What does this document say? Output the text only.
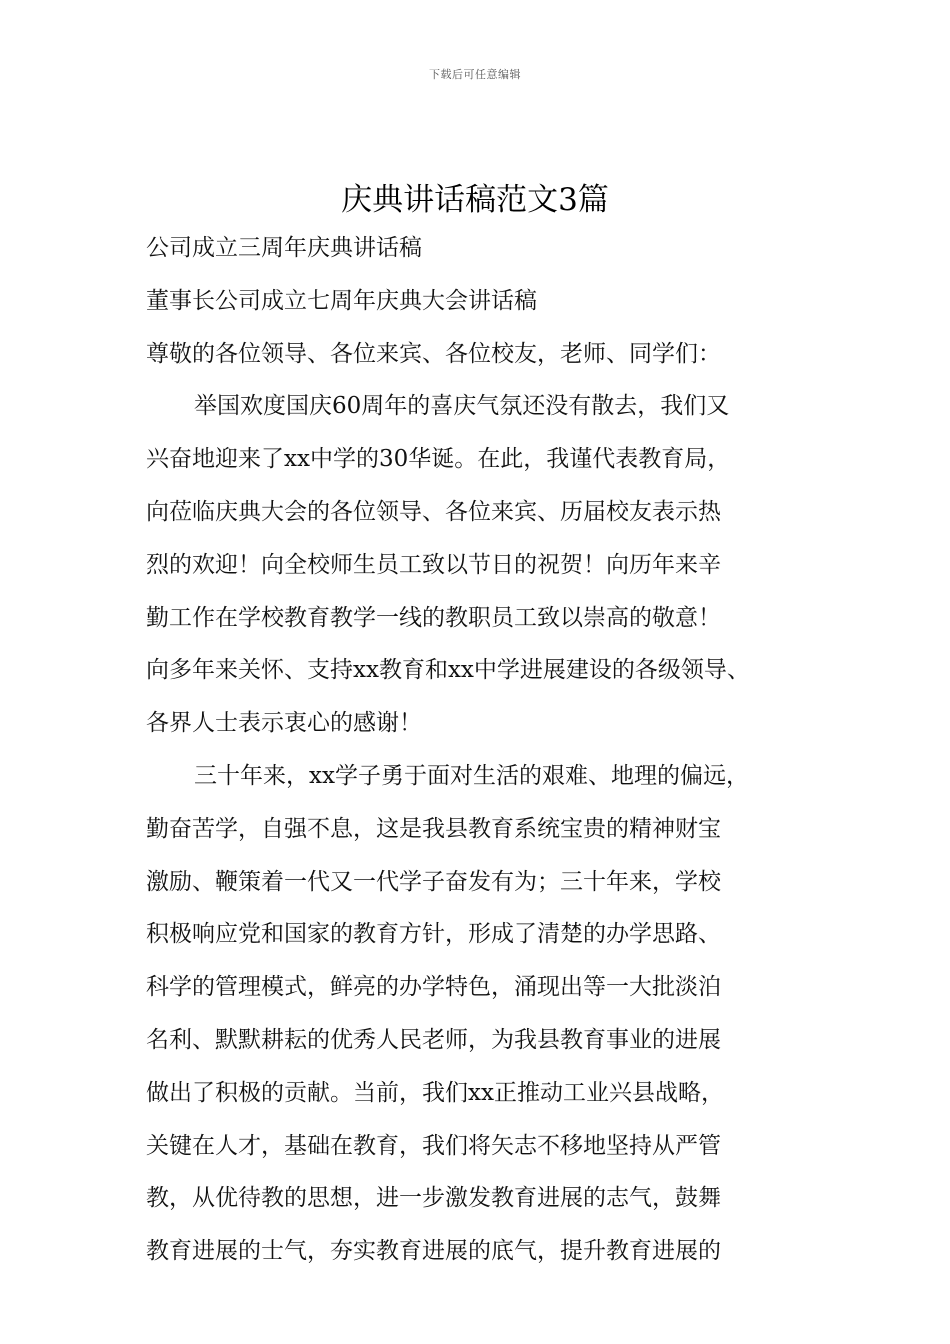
下载后可任意编辑
庆典讲话稿范文3篇
公司成立三周年庆典讲话稿
董事长公司成立七周年庆典大会讲话稿
尊敬的各位领导、各位来宾、各位校友，老师、同学们：
举国欢度国庆60周年的喜庆气氛还没有散去，我们又
兴奋地迎来了xx中学的30华诞。在此，我谨代表教育局，
向莅临庆典大会的各位领导、各位来宾、历届校友表示热
烈的欢迎！向全校师生员工致以节日的祝贺！向历年来辛
勤工作在学校教育教学一线的教职员工致以崇高的敬意！
向多年来关怀、支持xx教育和xx中学进展建设的各级领导、
各界人士表示衷心的感谢！
三十年来，xx学子勇于面对生活的艰难、地理的偏远，
勤奋苦学，自强不息，这是我县教育系统宝贵的精神财宝
激励、鞭策着一代又一代学子奋发有为；三十年来，学校
积极响应党和国家的教育方针，形成了清楚的办学思路、
科学的管理模式，鲜亮的办学特色，涌现出等一大批淡泊
名利、默默耕耘的优秀人民老师，为我县教育事业的进展
做出了积极的贡献。当前，我们xx正推动工业兴县战略，
关键在人才，基础在教育，我们将矢志不移地坚持从严管
教，从优待教的思想，进一步激发教育进展的志气，鼓舞
教育进展的士气，夯实教育进展的底气，提升教育进展的
